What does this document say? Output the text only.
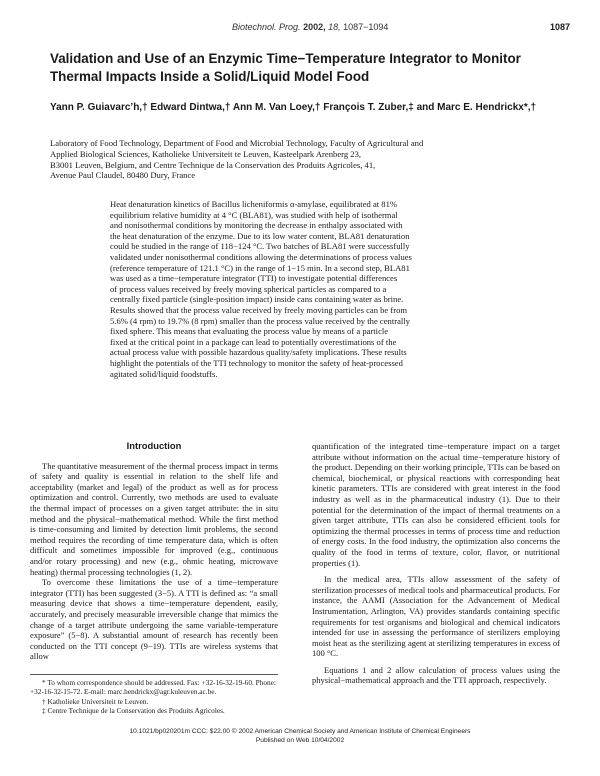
Biotechnol. Prog. 2002, 18, 1087−1094	1087
Validation and Use of an Enzymic Time−Temperature Integrator to Monitor Thermal Impacts Inside a Solid/Liquid Model Food

Yann P. Guiavarc’h,† Edward Dintwa,† Ann M. Van Loey,† François T. Zuber,‡ and Marc E. Hendrickx*,†

Laboratory of Food Technology, Department of Food and Microbial Technology, Faculty of Agricultural and
Applied Biological Sciences, Katholieke Universiteit te Leuven, Kasteelpark Arenberg 23,
B3001 Leuven, Belgium, and Centre Technique de la Conservation des Produits Agricoles, 41,
Avenue Paul Claudel, 80480 Dury, France
Heat denaturation kinetics of Bacillus licheniformis α-amylase, equilibrated at 81%
equilibrium relative humidity at 4 °C (BLA81), was studied with help of isothermal
and nonisothermal conditions by monitoring the decrease in enthalpy associated with
the heat denaturation of the enzyme. Due to its low water content, BLA81 denaturation
could be studied in the range of 118−124 °C. Two batches of BLA81 were successfully
validated under nonisothermal conditions allowing the determinations of process values
(reference temperature of 121.1 °C) in the range of 1−15 min. In a second step, BLA81
was used as a time−temperature integrator (TTI) to investigate potential differences
of process values received by freely moving spherical particles as compared to a
centrally fixed particle (single-position impact) inside cans containing water as brine.
Results showed that the process value received by freely moving particles can be from
5.6% (4 rpm) to 19.7% (8 rpm) smaller than the process value received by the centrally
fixed sphere. This means that evaluating the process value by means of a particle
fixed at the critical point in a package can lead to potentially overestimations of the
actual process value with possible hazardous quality/safety implications. These results
highlight the potentials of the TTI technology to monitor the safety of heat-processed
agitated solid/liquid foodstuffs.
Introduction

The quantitative measurement of the thermal process impact in terms of safety and quality is essential in relation to the shelf life and acceptability (market and legal) of the product as well as for process optimization and control. Currently, two methods are used to evaluate the thermal impact of processes on a given target attribute: the in situ method and the physical−mathematical method. While the first method is time-consuming and limited by detection limit problems, the second method requires the recording of time temperature data, which is often difficult and sometimes impossible for improved (e.g., continuous and/or rotary processing) and new (e.g., ohmic heating, microwave heating) thermal processing technologies (1, 2).

To overcome these limitations the use of a time−temperature integrator (TTI) has been suggested (3−5). A TTI is defined as: “a small measuring device that shows a time−temperature dependent, easily, accurately, and precisely measurable irreversible change that mimics the change of a target attribute undergoing the same variable-temperature exposure” (5−8). A substantial amount of research has recently been conducted on the TTI concept (9−19). TTIs are wireless systems that allow

quantification of the integrated time−temperature impact on a target attribute without information on the actual time−temperature history of the product. Depending on their working principle, TTIs can be based on chemical, biochemical, or physical reactions with corresponding heat kinetic parameters. TTIs are considered with great interest in the food industry as well as in the pharmaceutical industry (1). Due to their potential for the determination of the impact of thermal treatments on a given target attribute, TTIs can also be considered efficient tools for optimizing the thermal processes in terms of process time and reduction of energy costs. In the food industry, the optimization also concerns the quality of the food in terms of texture, color, flavor, or nutritional properties (1).

In the medical area, TTIs allow assessment of the safety of sterilization processes of medical tools and pharmaceutical products. For instance, the AAMI (Association for the Advancement of Medical Instrumentation, Arlington, VA) provides standards containing specific requirements for test organisms and biological and chemical indicators intended for use in assessing the performance of sterilizers employing moist heat as the sterilizing agent at sterilizing temperatures in excess of 100 °C.

Equations 1 and 2 allow calculation of process values using the physical−mathematical approach and the TTI approach, respectively.

* To whom correspondence should be addressed. Fax: +32-16-32-19-60. Phone: +32-16-32-15-72. E-mail: marc.hendrickx@agr.kuleuven.ac.be.

† Katholieke Universiteit te Leuven.

‡ Centre Technique de la Conservation des Produits Agricoles.

10.1021/bp020201m CCC: $22.00 © 2002 American Chemical Society and American Institute of Chemical Engineers

Published on Web 10/04/2002
